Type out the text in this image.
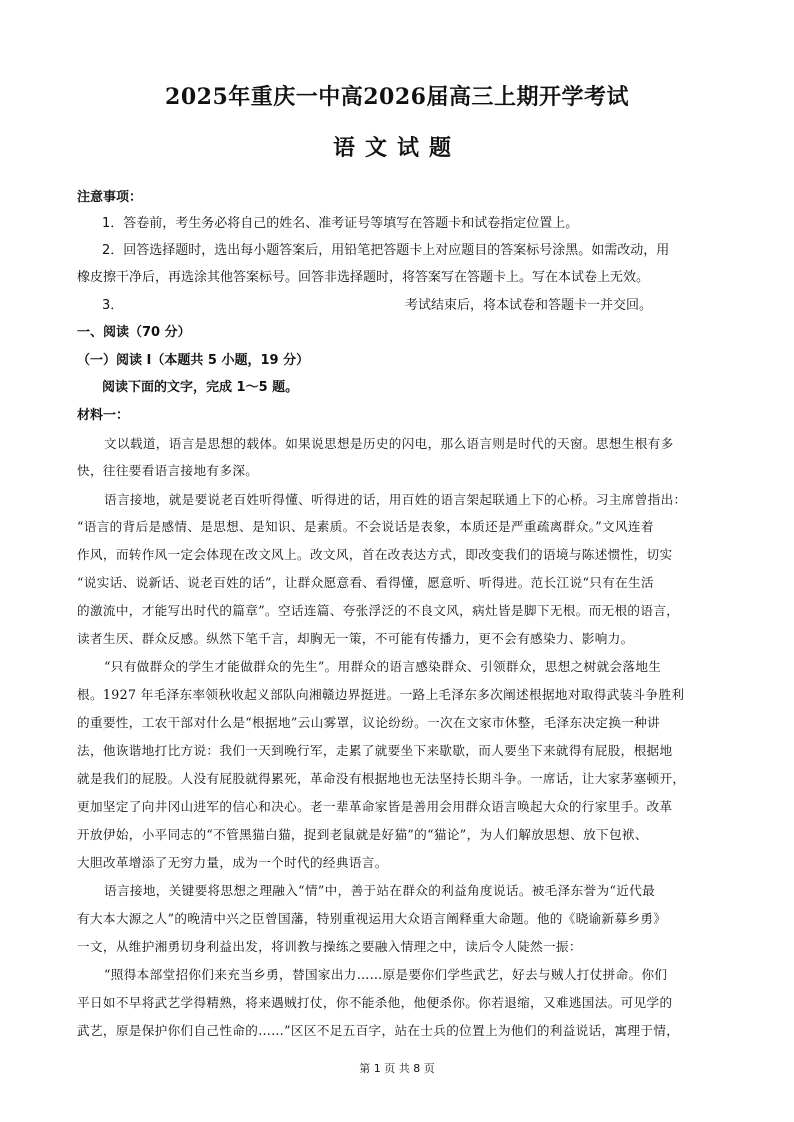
2025年重庆一中高2026届高三上期开学考试
语文试题
注意事项：
1．答卷前，考生务必将自己的姓名、准考证号等填写在答题卡和试卷指定位置上。
2．回答选择题时，选出每小题答案后，用铅笔把答题卡上对应题目的答案标号涂黑。如需改动，用
橡皮擦干净后，再选涂其他答案标号。回答非选择题时，将答案写在答题卡上。写在本试卷上无效。
3．	考试结束后，将本试卷和答题卡一并交回。
一、阅读（70 分）
（一）阅读 I（本题共 5 小题，19 分）
阅读下面的文字，完成 1～5 题。
材料一：
文以载道，语言是思想的载体。如果说思想是历史的闪电，那么语言则是时代的天窗。思想生根有多
快，往往要看语言接地有多深。
语言接地，就是要说老百姓听得懂、听得进的话，用百姓的语言架起联通上下的心桥。习主席曾指出：
“语言的背后是感情、是思想、是知识、是素质。不会说话是表象，本质还是严重疏离群众。”文风连着
作风，而转作风一定会体现在改文风上。改文风，首在改表达方式，即改变我们的语境与陈述惯性，切实
“说实话、说新话、说老百姓的话”，让群众愿意看、看得懂，愿意听、听得进。范长江说“只有在生活
的激流中，才能写出时代的篇章”。空话连篇、夸张浮泛的不良文风，病灶皆是脚下无根。而无根的语言，
读者生厌、群众反感。纵然下笔千言，却胸无一策，不可能有传播力，更不会有感染力、影响力。
“只有做群众的学生才能做群众的先生”。用群众的语言感染群众、引领群众，思想之树就会落地生
根。1927 年毛泽东率领秋收起义部队向湘赣边界挺进。一路上毛泽东多次阐述根据地对取得武装斗争胜利
的重要性，工农干部对什么是“根据地”云山雾罩，议论纷纷。一次在文家市休整，毛泽东决定换一种讲
法，他诙谐地打比方说：我们一天到晚行军，走累了就要坐下来歇歇，而人要坐下来就得有屁股，根据地
就是我们的屁股。人没有屁股就得累死，革命没有根据地也无法坚持长期斗争。一席话，让大家茅塞顿开，
更加坚定了向井冈山进军的信心和决心。老一辈革命家皆是善用会用群众语言唤起大众的行家里手。改革
开放伊始，小平同志的“不管黑猫白猫，捉到老鼠就是好猫”的“猫论”，为人们解放思想、放下包袱、
大胆改革增添了无穷力量，成为一个时代的经典语言。
语言接地，关键要将思想之理融入“情”中，善于站在群众的利益角度说话。被毛泽东誉为“近代最
有大本大源之人”的晚清中兴之臣曾国藩，特别重视运用大众语言阐释重大命题。他的《晓谕新募乡勇》
一文，从维护湘勇切身利益出发，将训教与操练之要融入情理之中，读后令人陡然一振：
“照得本部堂招你们来充当乡勇，替国家出力……原是要你们学些武艺，好去与贼人打仗拼命。你们
平日如不早将武艺学得精熟，将来遇贼打仗，你不能杀他，他便杀你。你若退缩，又难逃国法。可见学的
武艺，原是保护你们自己性命的……”区区不足五百字，站在士兵的位置上为他们的利益说话，寓理于情，
第 1 页 共 8 页
